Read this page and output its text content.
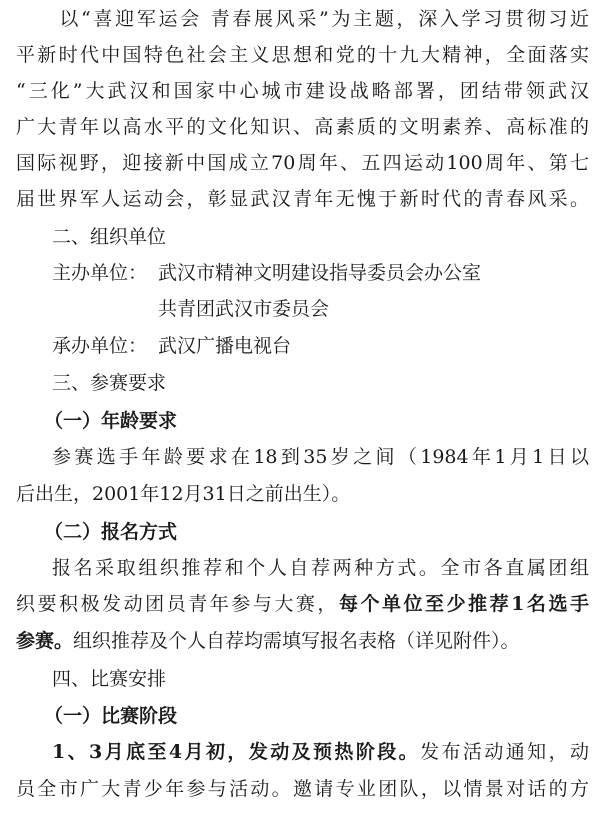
　　以“喜迎军运会 青春展风采”为主题，深入学习贯彻习近
平新时代中国特色社会主义思想和党的十九大精神，全面落实
“三化”大武汉和国家中心城市建设战略部署，团结带领武汉
广大青年以高水平的文化知识、高素质的文明素养、高标准的
国际视野，迎接新中国成立70周年、五四运动100周年、第七
届世界军人运动会，彰显武汉青年无愧于新时代的青春风采。
二、组织单位
主办单位： 武汉市精神文明建设指导委员会办公室
共青团武汉市委员会
承办单位： 武汉广播电视台
三、参赛要求
（一）年龄要求
参赛选手年龄要求在18到35岁之间（1984年1月1日以
后出生，2001年12月31日之前出生）。
（二）报名方式
报名采取组织推荐和个人自荐两种方式。全市各直属团组
织要积极发动团员青年参与大赛，每个单位至少推荐1名选手
参赛。组织推荐及个人自荐均需填写报名表格（详见附件）。
四、比赛安排
（一）比赛阶段
1、3月底至4月初，发动及预热阶段。发布活动通知，动
员全市广大青少年参与活动。邀请专业团队，以情景对话的方
